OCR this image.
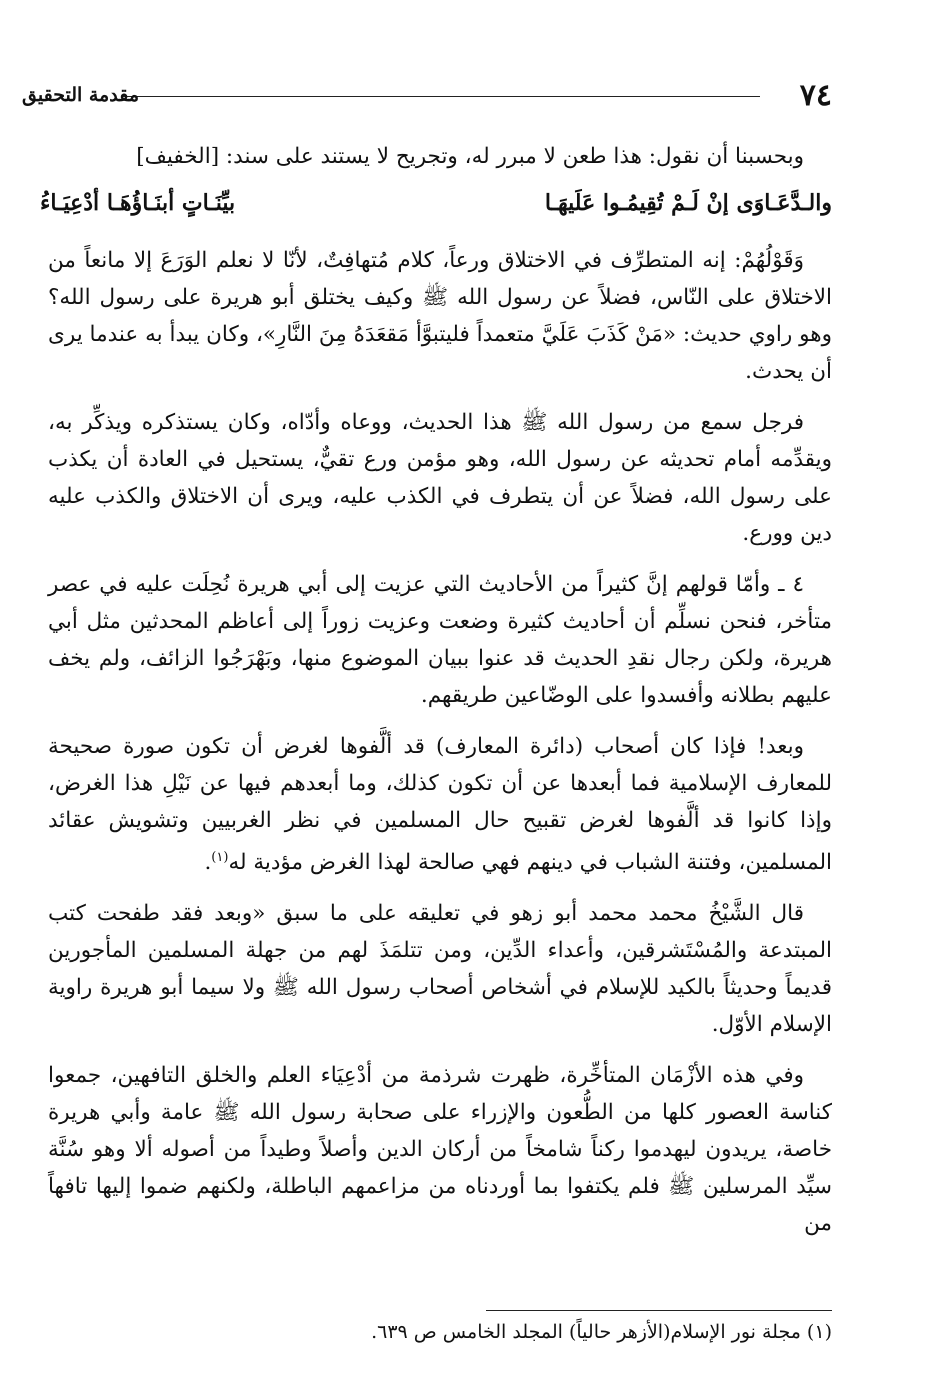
٧٤
مقدمة التحقيق

وبحسبنا أن نقول: هذا طعن لا مبرر له، وتجريح لا يستند على سند: [الخفيف]

والـدَّعَـاوَى إنْ لَـمْ تُقِيمُـوا عَلَيهَـا
بيِّنَـاتٍ أبنَـاؤُهَـا أدْعِيَـاءُ

وَقَوْلُهُمْ: إنه المتطرِّف في الاختلاق ورعاً، كلام مُتهافِتٌ، لأنّا لا نعلم الوَرَعَ إلا مانعاً من الاختلاق على النّاس، فضلاً عن رسول الله ﷺ وكيف يختلق أبو هريرة على رسول الله؟ وهو راوي حديث: «مَنْ كَذَبَ عَلَيَّ متعمداً فليتبوَّأ مَقعَدَهُ مِنَ النَّارِ»، وكان يبدأ به عندما يرى أن يحدث.

فرجل سمع من رسول الله ﷺ هذا الحديث، ووعاه وأدّاه، وكان يستذكره ويذكِّر به، ويقدِّمه أمام تحديثه عن رسول الله، وهو مؤمن ورع تقيٌّ، يستحيل في العادة أن يكذب على رسول الله، فضلاً عن أن يتطرف في الكذب عليه، ويرى أن الاختلاق والكذب عليه دين وورع.

٤ ـ وأمّا قولهم إنَّ كثيراً من الأحاديث التي عزيت إلى أبي هريرة نُحِلَت عليه في عصر متأخر، فنحن نسلِّم أن أحاديث كثيرة وضعت وعزيت زوراً إلى أعاظم المحدثين مثل أبي هريرة، ولكن رجال نقدِ الحديث قد عنوا ببيان الموضوع منها، وبَهْرَجُوا الزائف، ولم يخف عليهم بطلانه وأفسدوا على الوضّاعين طريقهم.

وبعد! فإذا كان أصحاب (دائرة المعارف) قد ألَّفوها لغرض أن تكون صورة صحيحة للمعارف الإسلامية فما أبعدها عن أن تكون كذلك، وما أبعدهم فيها عن نَيْلِ هذا الغرض، وإذا كانوا قد ألَّفوها لغرض تقبيح حال المسلمين في نظر الغربيين وتشويش عقائد المسلمين، وفتنة الشباب في دينهم فهي صالحة لهذا الغرض مؤدية له$^{(١)}$.

قال الشَّيْخُ محمد محمد أبو زهو في تعليقه على ما سبق «وبعد فقد طفحت كتب المبتدعة والمُسْتَشرقين، وأعداء الدِّين، ومن تتلمَذَ لهم من جهلة المسلمين المأجورين قديماً وحديثاً بالكيد للإسلام في أشخاص أصحاب رسول الله ﷺ ولا سيما أبو هريرة راوية الإسلام الأوّل.

وفي هذه الأزْمَان المتأخِّرة، ظهرت شرذمة من أدْعِيَاء العلم والخلق التافهين، جمعوا كناسة العصور كلها من الطُّعون والإزراء على صحابة رسول الله ﷺ عامة وأبي هريرة خاصة، يريدون ليهدموا ركناً شامخاً من أركان الدين وأصلاً وطيداً من أصوله ألا وهو سُنَّة سيِّد المرسلين ﷺ فلم يكتفوا بما أوردناه من مزاعمهم الباطلة، ولكنهم ضموا إليها تافهاً من

(١) مجلة نور الإسلام(الأزهر حالياً) المجلد الخامس ص ٦٣٩.
